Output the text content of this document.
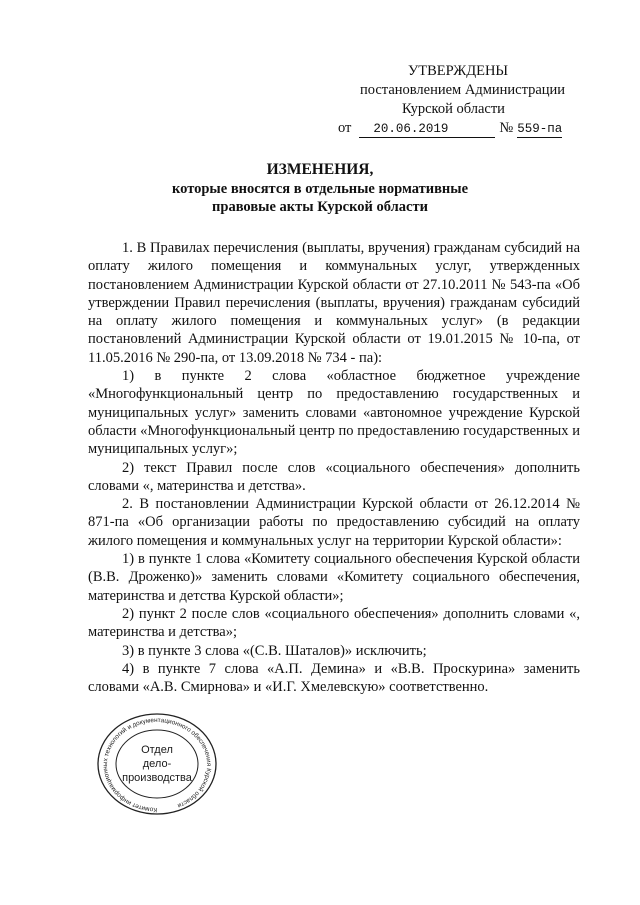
УТВЕРЖДЕНЫ
постановлением Администрации
Курской области
от	20.06.2019	№ 559-па
ИЗМЕНЕНИЯ,
которые вносятся в отдельные нормативные
правовые акты Курской области
1. В Правилах перечисления (выплаты, вручения) гражданам субсидий на оплату жилого помещения и коммунальных услуг, утвержденных постановлением Администрации Курской области от 27.10.2011 № 543-па «Об утверждении Правил перечисления (выплаты, вручения) гражданам субсидий на оплату жилого помещения и коммунальных услуг» (в редакции постановлений Администрации Курской области от 19.01.2015 № 10-па, от 11.05.2016 № 290-па, от 13.09.2018 № 734 - па):
1) в пункте 2 слова «областное бюджетное учреждение «Многофункциональный центр по предоставлению государственных и муниципальных услуг» заменить словами «автономное учреждение Курской области «Многофункциональный центр по предоставлению государственных и муниципальных услуг»;
2) текст Правил после слов «социального обеспечения» дополнить словами «, материнства и детства».
2. В постановлении Администрации Курской области от 26.12.2014 № 871-па «Об организации работы по предоставлению субсидий на оплату жилого помещения и коммунальных услуг на территории Курской области»:
1) в пункте 1 слова «Комитету социального обеспечения Курской области (В.В. Дроженко)» заменить словами «Комитету социального обеспечения, материнства и детства Курской области»;
2) пункт 2 после слов «социального обеспечения» дополнить словами «, материнства и детства»;
3) в пункте 3 слова «(С.В. Шаталов)» исключить;
4) в пункте 7 слова «А.П. Демина» и «В.В. Проскурина» заменить словами «А.В. Смирнова» и «И.Г. Хмелевскую» соответственно.
Комитет информационных технологий и документационного обеспечения Курской области
Отдел
дело-
производства
